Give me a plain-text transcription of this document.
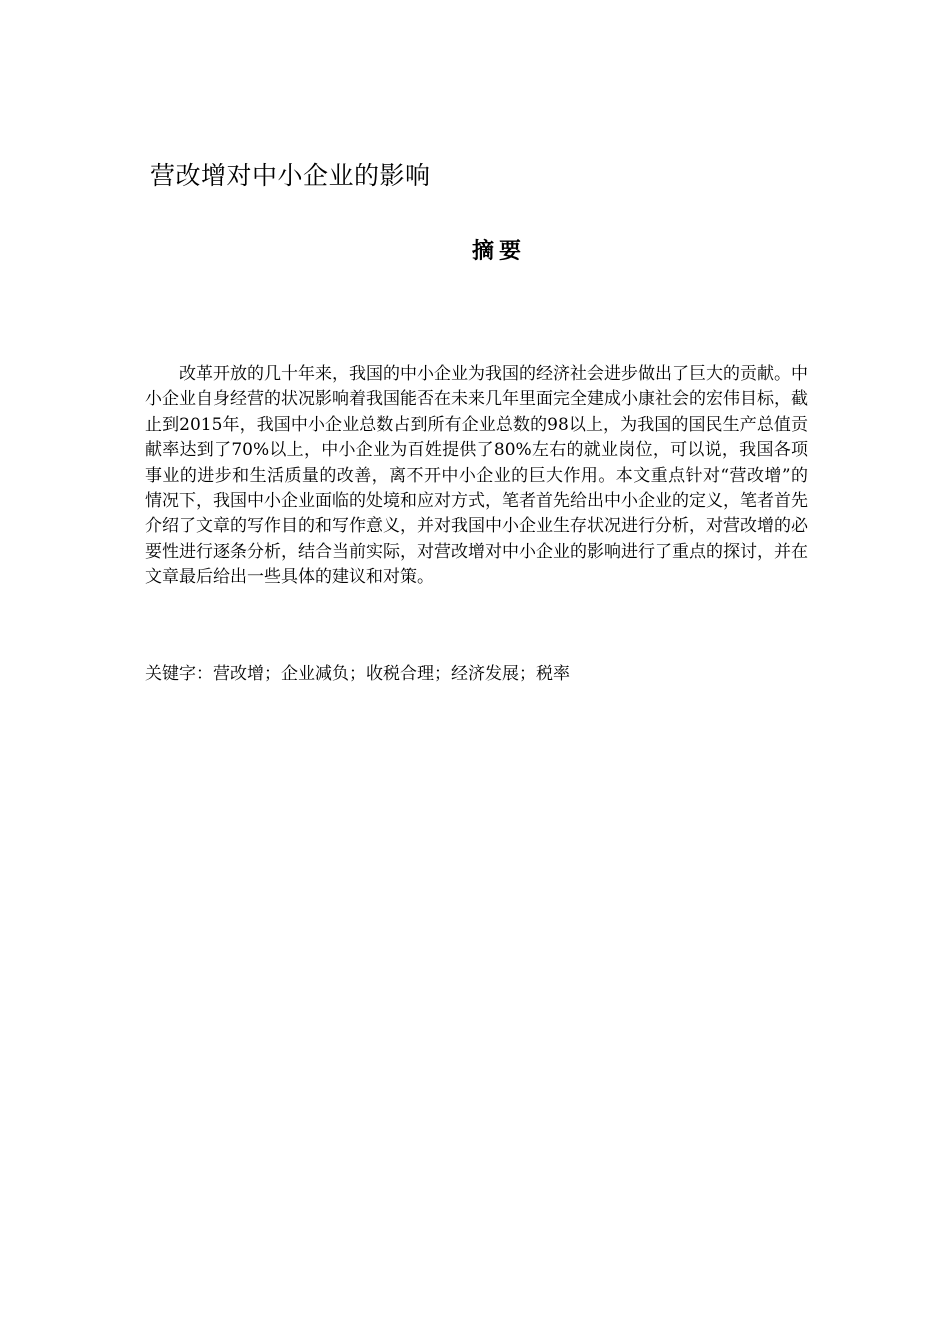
营改增对中小企业的影响
摘要

改革开放的几十年来，我国的中小企业为我国的经济社会进步做出了巨大的贡献。中小企业自身经营的状况影响着我国能否在未来几年里面完全建成小康社会的宏伟目标，截止到2015年，我国中小企业总数占到所有企业总数的98以上，为我国的国民生产总值贡献率达到了70%以上，中小企业为百姓提供了80%左右的就业岗位，可以说，我国各项事业的进步和生活质量的改善，离不开中小企业的巨大作用。本文重点针对“营改增”的情况下，我国中小企业面临的处境和应对方式，笔者首先给出中小企业的定义，笔者首先介绍了文章的写作目的和写作意义，并对我国中小企业生存状况进行分析，对营改增的必要性进行逐条分析，结合当前实际，对营改增对中小企业的影响进行了重点的探讨，并在文章最后给出一些具体的建议和对策。

关键字：营改增；企业减负；收税合理；经济发展；税率
